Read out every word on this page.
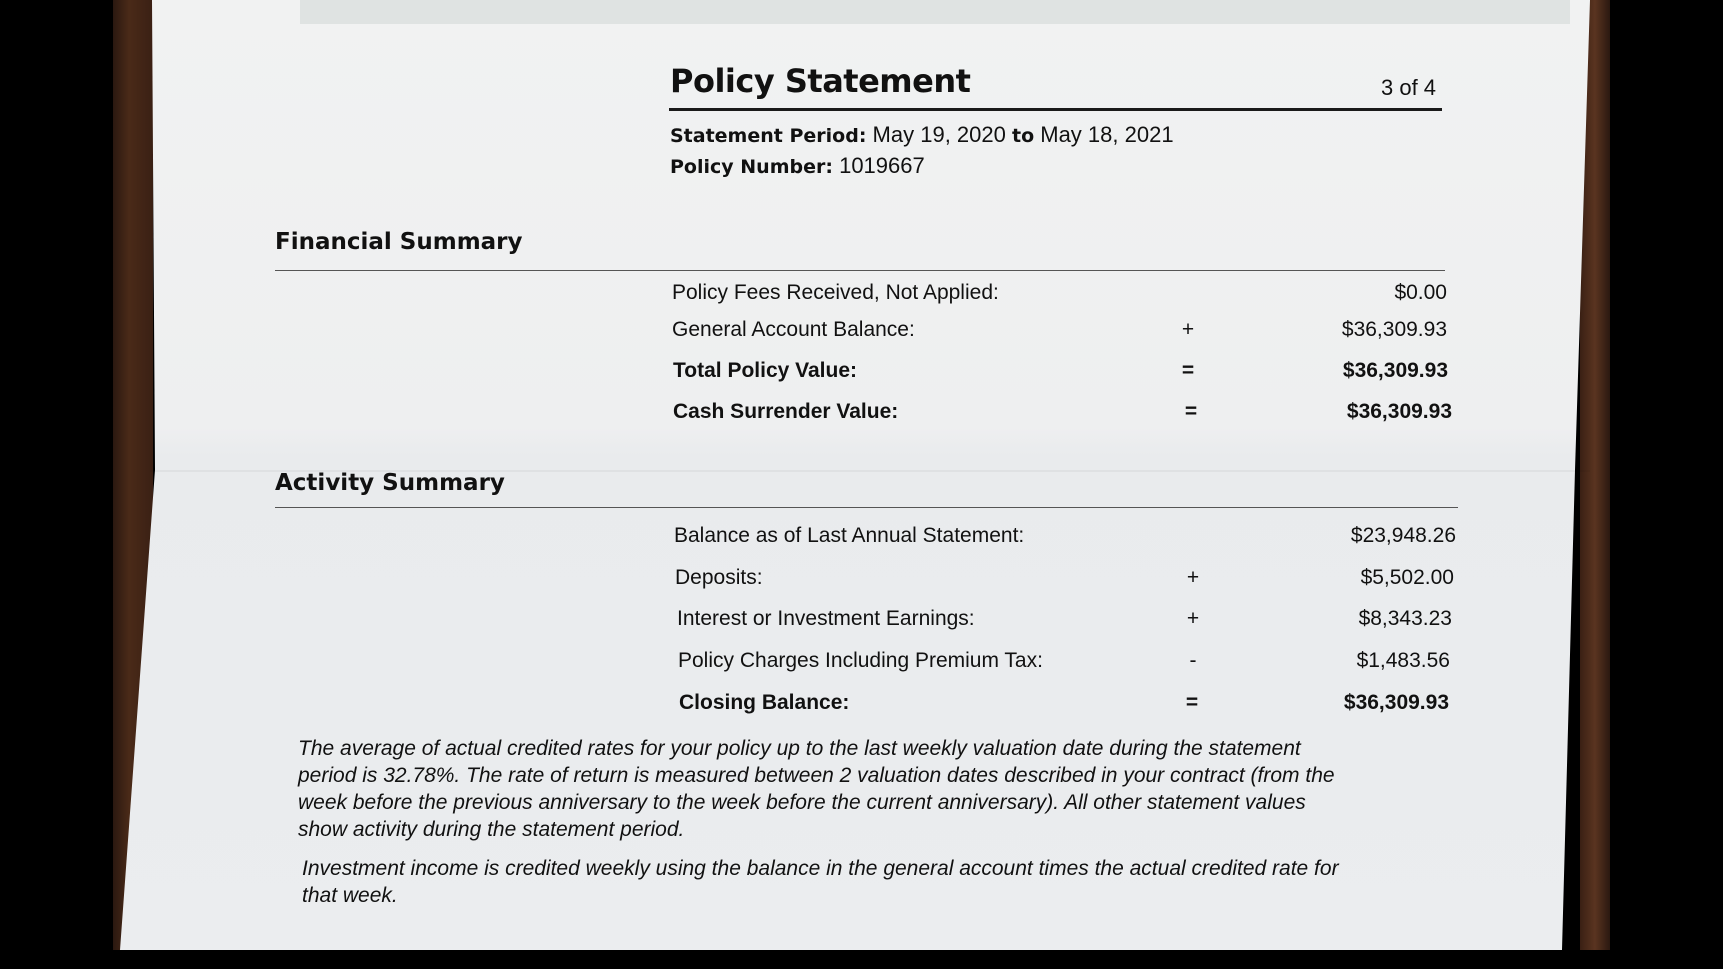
Policy Statement	3 of 4
Statement Period: May 19, 2020 to May 18, 2021
Policy Number: 1019667
Financial Summary
Policy Fees Received, Not Applied:	$0.00
General Account Balance:	+	$36,309.93
Total Policy Value:	=	$36,309.93
Cash Surrender Value:	=	$36,309.93
Activity Summary
Balance as of Last Annual Statement:	$23,948.26
Deposits:	+	$5,502.00
Interest or Investment Earnings:	+	$8,343.23
Policy Charges Including Premium Tax:	-	$1,483.56
Closing Balance:	=	$36,309.93
The average of actual credited rates for your policy up to the last weekly valuation date during the statement
period is 32.78%. The rate of return is measured between 2 valuation dates described in your contract (from the
week before the previous anniversary to the week before the current anniversary). All other statement values
show activity during the statement period.
Investment income is credited weekly using the balance in the general account times the actual credited rate for
that week.
